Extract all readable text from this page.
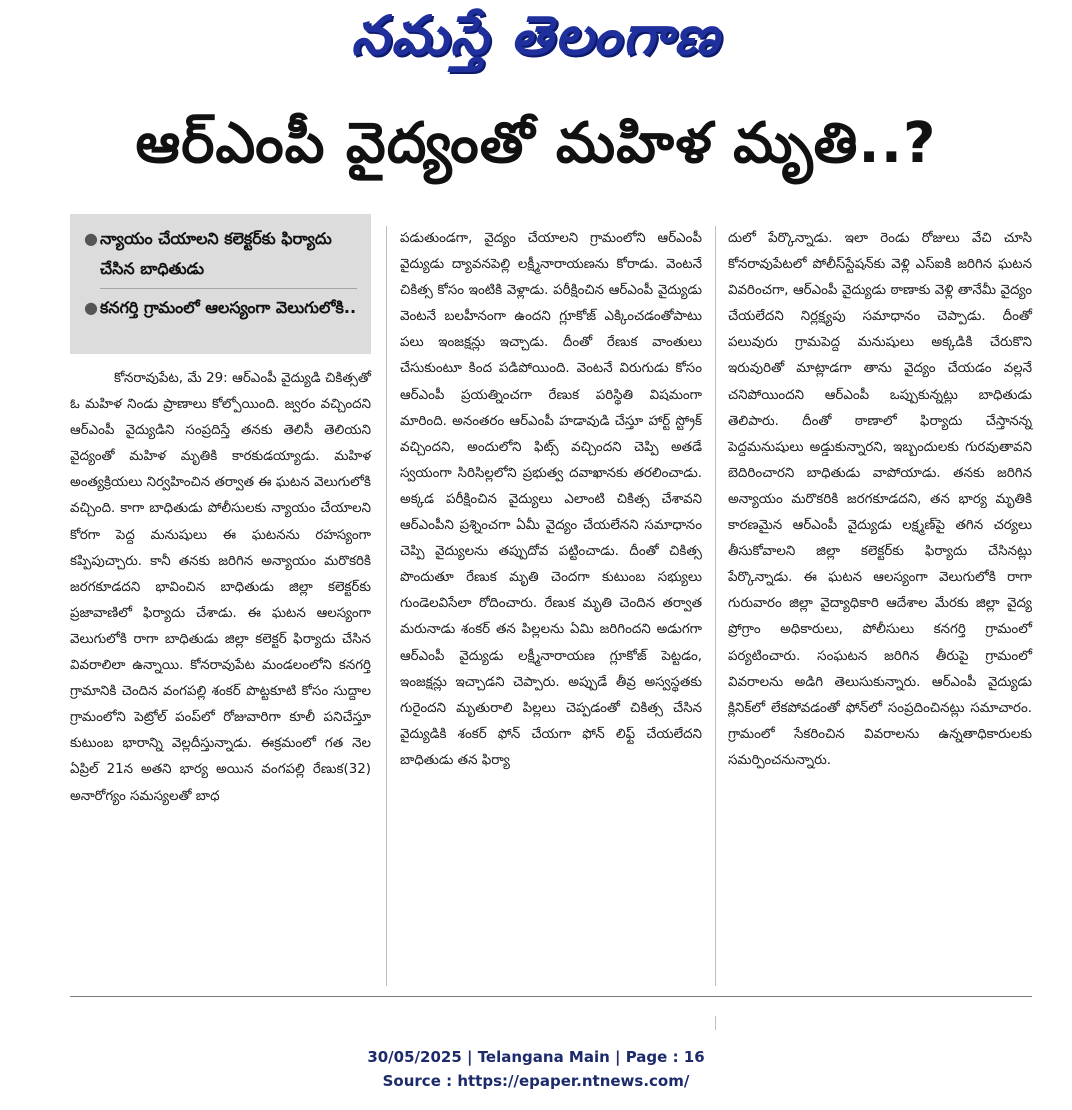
నమస్తే తెలంగాణ
ఆర్‌ఎంపీ వైద్యంతో మహిళ మృతి..?
● న్యాయం చేయాలని కలెక్టర్‌కు ఫిర్యాదు చేసిన బాధితుడు
● కనగర్తి గ్రామంలో ఆలస్యంగా వెలుగులోకి..
కోనరావుపేట, మే 29: ఆర్‌ఎంపీ వైద్యుడి చికిత్సతో ఓ మహిళ నిండు ప్రాణాలు కోల్పోయింది. జ్వరం వచ్చిందని ఆర్‌ఎంపీ వైద్యుడిని సంప్రదిస్తే తనకు తెలిసీ తెలియని వైద్యంతో మహిళ మృతికి కారకుడయ్యాడు. మహిళ అంత్యక్రియలు నిర్వహించిన తర్వాత ఈ ఘటన వెలుగులోకి వచ్చింది. కాగా బాధితుడు పోలీసులకు న్యాయం చేయాలని కోరగా పెద్ద మనుషులు ఈ ఘటనను రహస్యంగా కప్పిపుచ్చారు. కానీ తనకు జరిగిన అన్యాయం మరొకరికి జరగకూడదని భావించిన బాధితుడు జిల్లా కలెక్టర్‌కు ప్రజావాణిలో ఫిర్యాదు చేశాడు. ఈ ఘటన ఆలస్యంగా వెలుగులోకి రాగా బాధితుడు జిల్లా కలెక్టర్ ఫిర్యాదు చేసిన వివరాలిలా ఉన్నాయి. కోనరావుపేట మండలంలోని కనగర్తి గ్రామానికి చెందిన వంగపల్లి శంకర్ పొట్టకూటి కోసం సుద్దాల గ్రామంలోని పెట్రోల్ పంప్‌లో రోజువారిగా కూలీ పనిచేస్తూ కుటుంబ భారాన్ని వెల్లదీస్తున్నాడు. ఈక్రమంలో గత నెల ఏప్రిల్ 21న అతని భార్య అయిన వంగపల్లి రేణుక(32) అనారోగ్యం సమస్యలతో బాధ
పడుతుండగా, వైద్యం చేయాలని గ్రామంలోని ఆర్‌ఎంపీ వైద్యుడు ద్యావనపెల్లి లక్ష్మీనారాయణను కోరాడు. వెంటనే చికిత్స కోసం ఇంటికి వెళ్లాడు. పరీక్షించిన ఆర్‌ఎంపీ వైద్యుడు వెంటనే బలహీనంగా ఉందని గ్లూకోజ్ ఎక్కించడంతోపాటు పలు ఇంజక్షన్లు ఇచ్చాడు. దీంతో రేణుక వాంతులు చేసుకుంటూ కింద పడిపోయింది. వెంటనే విరుగుడు కోసం ఆర్‌ఎంపీ ప్రయత్నించగా రేణుక పరిస్థితి విషమంగా మారింది. అనంతరం ఆర్‌ఎంపీ హడావుడి చేస్తూ హార్ట్ స్ట్రోక్ వచ్చిందని, అందులోని ఫిట్స్ వచ్చిందని చెప్పి అతడే స్వయంగా సిరిసిల్లలోని ప్రభుత్వ దవాఖానకు తరలించాడు. అక్కడ పరీక్షించిన వైద్యులు ఎలాంటి చికిత్స చేశావని ఆర్‌ఎంపీని ప్రశ్నించగా ఏమీ వైద్యం చేయలేనని సమాధానం చెప్పి వైద్యులను తప్పుదోవ పట్టించాడు. దీంతో చికిత్స పొందుతూ రేణుక మృతి చెందగా కుటుంబ సభ్యులు గుండెలవిసేలా రోదించారు. రేణుక మృతి చెందిన తర్వాత మరునాడు శంకర్ తన పిల్లలను ఏమి జరిగిందని అడుగగా ఆర్‌ఎంపీ వైద్యుడు లక్ష్మీనారాయణ గ్లూకోజ్ పెట్టడం, ఇంజక్షన్లు ఇచ్చాడని చెప్పారు. అప్పుడే తీవ్ర అస్వస్థతకు గురైందని మృతురాలి పిల్లలు చెప్పడంతో చికిత్స చేసిన వైద్యుడికి శంకర్ ఫోన్ చేయగా ఫోన్ లిఫ్ట్ చేయలేదని బాధితుడు తన ఫిర్యా
దులో పేర్కొన్నాడు. ఇలా రెండు రోజులు వేచి చూసి కోనరావుపేటలో పోలీస్‌స్టేషన్‌కు వెళ్లి ఎస్‌ఐకి జరిగిన ఘటన వివరించగా, ఆర్‌ఎంపీ వైద్యుడు ఠాణాకు వెళ్లి తానేమీ వైద్యం చేయలేదని నిర్లక్ష్యపు సమాధానం చెప్పాడు. దీంతో పలువురు గ్రామపెద్ద మనుషులు అక్కడికి చేరుకొని ఇరువురితో మాట్లాడగా తాను వైద్యం చేయడం వల్లనే చనిపోయిందని ఆర్‌ఎంపీ ఒప్పుకున్నట్లు బాధితుడు తెలిపారు. దీంతో ఠాణాలో ఫిర్యాదు చేస్తానన్న పెద్దమనుషులు అడ్డుకున్నారని, ఇబ్బందులకు గురవుతావని బెదిరించారని బాధితుడు వాపోయాడు. తనకు జరిగిన అన్యాయం మరొకరికి జరగకూడదని, తన భార్య మృతికి కారణమైన ఆర్‌ఎంపీ వైద్యుడు లక్ష్మణ్‌పై తగిన చర్యలు తీసుకోవాలని జిల్లా కలెక్టర్‌కు ఫిర్యాదు చేసినట్లు పేర్కొన్నాడు. ఈ ఘటన ఆలస్యంగా వెలుగులోకి రాగా గురువారం జిల్లా వైద్యాధికారి ఆదేశాల మేరకు జిల్లా వైద్య ప్రోగ్రాం అధికారులు, పోలీసులు కనగర్తి గ్రామంలో పర్యటించారు. సంఘటన జరిగిన తీరుపై గ్రామంలో వివరాలను అడిగి తెలుసుకున్నారు. ఆర్‌ఎంపీ వైద్యుడు క్లినిక్‌లో లేకపోవడంతో ఫోన్‌లో సంప్రదించినట్లు సమాచారం. గ్రామంలో సేకరించిన వివరాలను ఉన్నతాధికారులకు సమర్పించనున్నారు.
30/05/2025 | Telangana Main | Page : 16
Source : https://epaper.ntnews.com/
